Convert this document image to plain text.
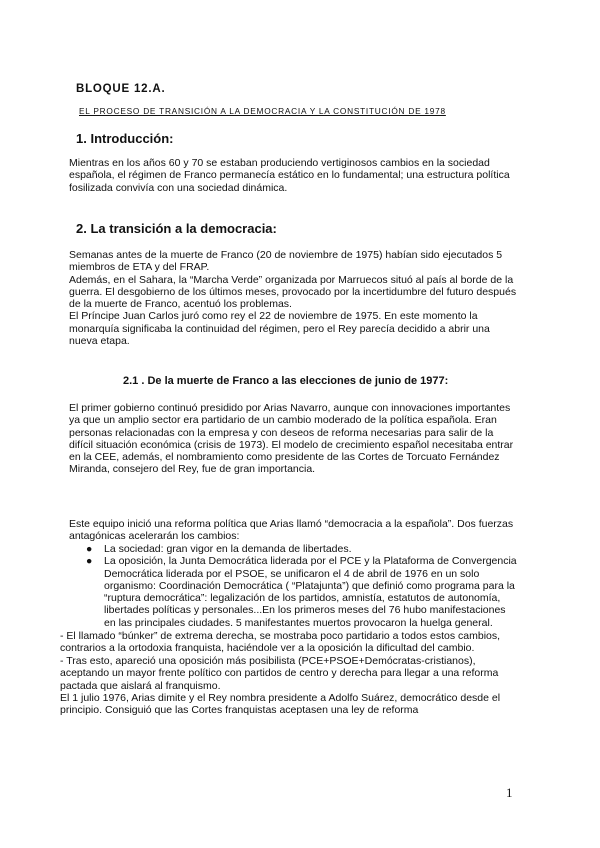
BLOQUE 12.A.
EL PROCESO DE TRANSICIÓN A LA DEMOCRACIA Y LA CONSTITUCIÓN DE 1978
1. Introducción:
Mientras en los años 60 y 70 se estaban produciendo vertiginosos cambios en la sociedad española, el régimen de Franco permanecía estático en lo fundamental; una estructura política fosilizada convivía con una sociedad dinámica.
2. La transición a la democracia:

Semanas antes de la muerte de Franco (20 de noviembre de 1975) habían sido ejecutados 5 miembros de ETA y del FRAP.

Además, en el Sahara, la “Marcha Verde” organizada por Marruecos situó al país al borde de la guerra. El desgobierno de los últimos meses, provocado por la incertidumbre del futuro después de la muerte de Franco, acentuó los problemas.

El Príncipe Juan Carlos juró como rey el 22 de noviembre de 1975. En este momento la monarquía significaba la continuidad del régimen, pero el Rey parecía decidido a abrir una nueva etapa.

2.1 . De la muerte de Franco a las elecciones de junio de 1977:
El primer gobierno continuó presidido por Arias Navarro, aunque con innovaciones importantes ya que un amplio sector era partidario de un cambio moderado de la política española. Eran personas relacionadas con la empresa y con deseos de reforma necesarias para salir de la difícil situación económica (crisis de 1973). El modelo de crecimiento español necesitaba entrar en la CEE, además, el nombramiento como presidente de las Cortes de Torcuato Fernández Miranda, consejero del Rey, fue de gran importancia.
Este equipo inició una reforma política que Arias llamó “democracia a la española”. Dos fuerzas antagónicas acelerarán los cambios:
● La sociedad: gran vigor en la demanda de libertades.
● La oposición, la Junta Democrática liderada por el PCE y la Plataforma de Convergencia Democrática liderada por el PSOE, se unificaron el 4 de abril de 1976 en un solo organismo: Coordinación Democrática ( “Platajunta”) que definió como programa para la “ruptura democrática”: legalización de los partidos, amnistía, estatutos de autonomía, libertades políticas y personales...En los primeros meses del 76 hubo manifestaciones en las principales ciudades. 5 manifestantes muertos provocaron la huelga general.

- El llamado “búnker” de extrema derecha, se mostraba poco partidario a todos estos cambios, contrarios a la ortodoxia franquista, haciéndole ver a la oposición la dificultad del cambio.

- Tras esto, apareció una oposición más posibilista (PCE+PSOE+Demócratas-cristianos), aceptando un mayor frente político con partidos de centro y derecha para llegar a una reforma pactada que aislará al franquismo.

El 1 julio 1976, Arias dimite y el Rey nombra presidente a Adolfo Suárez, democrático desde el principio. Consiguió que las Cortes franquistas aceptasen una ley de reforma

1
